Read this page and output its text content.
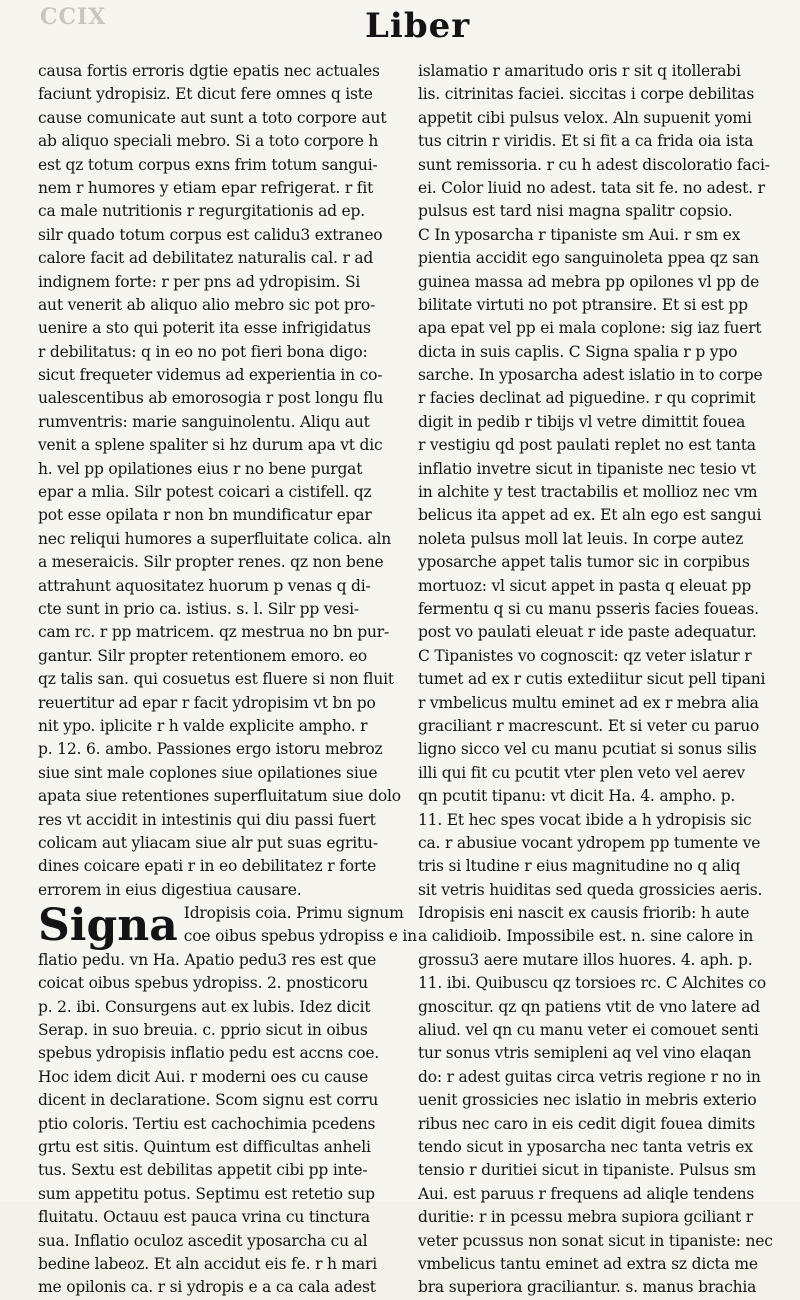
CCIX	Liber
causa fortis erroris dgtie epatis nec actuales
faciunt ydropisiz. Et dicut fere omnes q iste
cause comunicate aut sunt a toto corpore aut
ab aliquo speciali mebro. Si a toto corpore h
est qz totum corpus exns frim totum sangui-
nem r humores y etiam epar refrigerat. r fit
ca male nutritionis r regurgitationis ad ep.
silr quado totum corpus est calidu3 extraneo
calore facit ad debilitatez naturalis cal. r ad
indignem forte: r per pns ad ydropisim. Si
aut venerit ab aliquo alio mebro sic pot pro-
uenire a sto qui poterit ita esse infrigidatus
r debilitatus: q in eo no pot fieri bona digo:
sicut frequeter videmus ad experientia in co-
ualescentibus ab emorosogia r post longu flu
rumventris: marie sanguinolentu. Aliqu aut
venit a splene spaliter si hz durum apa vt dic
h. vel pp opilationes eius r no bene purgat
epar a mlia. Silr potest coicari a cistifell. qz
pot esse opilata r non bn mundificatur epar
nec reliqui humores a superfluitate colica. aln
a meseraicis. Silr propter renes. qz non bene
attrahunt aquositatez huorum p venas q di-
cte sunt in prio ca. istius. s. l. Silr pp vesi-
cam rc. r pp matricem. qz mestrua no bn pur-
gantur. Silr propter retentionem emoro. eo
qz talis san. qui cosuetus est fluere si non fluit
reuertitur ad epar r facit ydropisim vt bn po
nit ypo. iplicite r h valde explicite ampho. r
p. 12. 6. ambo. Passiones ergo istoru mebroz
siue sint male coplones siue opilationes siue
apata siue retentiones superfluitatum siue dolo
res vt accidit in intestinis qui diu passi fuert
colicam aut yliacam siue alr put suas egritu-
dines coicare epati r in eo debilitatez r forte
errorem in eius digestiua causare.
Signa Idropisis coia. Primu signum
coe oibus spebus ydropiss e in
flatio pedu. vn Ha. Apatio pedu3 res est que
coicat oibus spebus ydropiss. 2. pnosticoru
p. 2. ibi. Consurgens aut ex lubis. Idez dicit
Serap. in suo breuia. c. pprio sicut in oibus
spebus ydropisis inflatio pedu est accns coe.
Hoc idem dicit Aui. r moderni oes cu cause
dicent in declaratione. Scom signu est corru
ptio coloris. Tertiu est cachochimia pcedens
grtu est sitis. Quintum est difficultas anheli
tus. Sextu est debilitas appetit cibi pp inte-
sum appetitu potus. Septimu est retetio sup
fluitatu. Octauu est pauca vrina cu tinctura
sua. Inflatio oculoz ascedit yposarcha cu al
bedine labeoz. Et aln accidut eis fe. r h mari
me opilonis ca. r si ydropis e a ca cala adest
islamatio r amaritudo oris r sit q itollerabi
lis. citrinitas faciei. siccitas i corpe debilitas
appetit cibi pulsus velox. Aln supuenit yomi
tus citrin r viridis. Et si fit a ca frida oia ista
sunt remissoria. r cu h adest discoloratio faci-
ei. Color liuid no adest. tata sit fe. no adest. r
pulsus est tard nisi magna spalitr copsio.
C In yposarcha r tipaniste sm Aui. r sm ex
pientia accidit ego sanguinoleta ppea qz san
guinea massa ad mebra pp opilones vl pp de
bilitate virtuti no pot ptransire. Et si est pp
apa epat vel pp ei mala coplone: sig iaz fuert
dicta in suis caplis. C Signa spalia r p ypo
sarche. In yposarcha adest islatio in to corpe
r facies declinat ad piguedine. r qu coprimit
digit in pedib r tibijs vl vetre dimittit fouea
r vestigiu qd post paulati replet no est tanta
inflatio invetre sicut in tipaniste nec tesio vt
in alchite y test tractabilis et mollioz nec vm
belicus ita appet ad ex. Et aln ego est sangui
noleta pulsus moll lat leuis. In corpe autez
yposarche appet talis tumor sic in corpibus
mortuoz: vl sicut appet in pasta q eleuat pp
fermentu q si cu manu psseris facies foueas.
post vo paulati eleuat r ide paste adequatur.
C Tipanistes vo cognoscit: qz veter islatur r
tumet ad ex r cutis extediitur sicut pell tipani
r vmbelicus multu eminet ad ex r mebra alia
graciliant r macrescunt. Et si veter cu paruo
ligno sicco vel cu manu pcutiat si sonus silis
illi qui fit cu pcutit vter plen veto vel aerev
qn pcutit tipanu: vt dicit Ha. 4. ampho. p.
11. Et hec spes vocat ibide a h ydropisis sic
ca. r abusiue vocant ydropem pp tumente ve
tris si ltudine r eius magnitudine no q aliq
sit vetris huiditas sed queda grossicies aeris.
Idropisis eni nascit ex causis friorib: h aute
a calidioib. Impossibile est. n. sine calore in
grossu3 aere mutare illos huores. 4. aph. p.
11. ibi. Quibuscu qz torsioes rc. C Alchites co
gnoscitur. qz qn patiens vtit de vno latere ad
aliud. vel qn cu manu veter ei comouet senti
tur sonus vtris semipleni aq vel vino elaqan
do: r adest guitas circa vetris regione r no in
uenit grossicies nec islatio in mebris exterio
ribus nec caro in eis cedit digit fouea dimits
tendo sicut in yposarcha nec tanta vetris ex
tensio r duritiei sicut in tipaniste. Pulsus sm
Aui. est paruus r frequens ad aliqle tendens
duritie: r in pcessu mebra supiora gciliant r
veter pcussus non sonat sicut in tipaniste: nec
vmbelicus tantu eminet ad extra sz dicta me
bra superiora graciliantur. s. manus brachia
